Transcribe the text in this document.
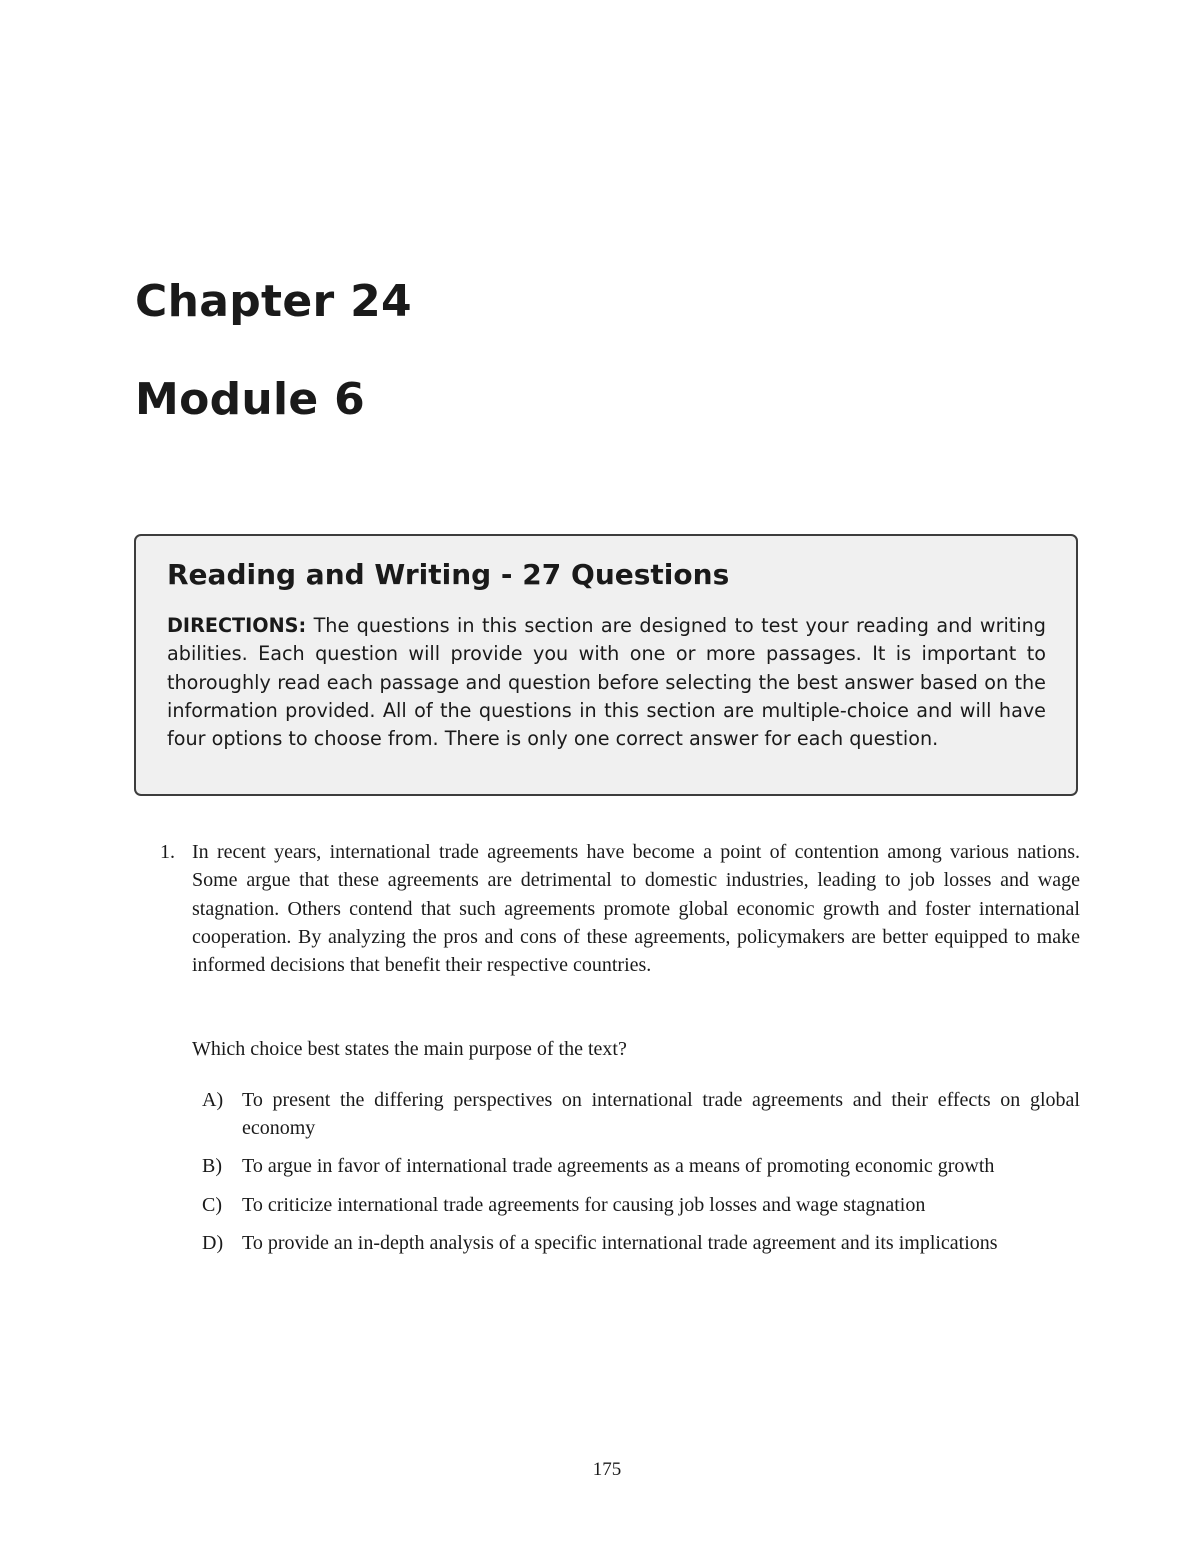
Chapter 24
Module 6
Reading and Writing - 27 Questions

DIRECTIONS: The questions in this section are designed to test your reading and writing abilities. Each question will provide you with one or more passages. It is important to thoroughly read each passage and question before selecting the best answer based on the information provided. All of the questions in this section are multiple-choice and will have four options to choose from. There is only one correct answer for each question.

1. In recent years, international trade agreements have become a point of contention among various nations. Some argue that these agreements are detrimental to domestic industries, leading to job losses and wage stagnation. Others contend that such agreements promote global economic growth and foster international cooperation. By analyzing the pros and cons of these agreements, policymakers are better equipped to make informed decisions that benefit their respective countries.

Which choice best states the main purpose of the text?

A) To present the differing perspectives on international trade agreements and their effects on global economy
B) To argue in favor of international trade agreements as a means of promoting economic growth
C) To criticize international trade agreements for causing job losses and wage stagnation
D) To provide an in-depth analysis of a specific international trade agreement and its implications
175
